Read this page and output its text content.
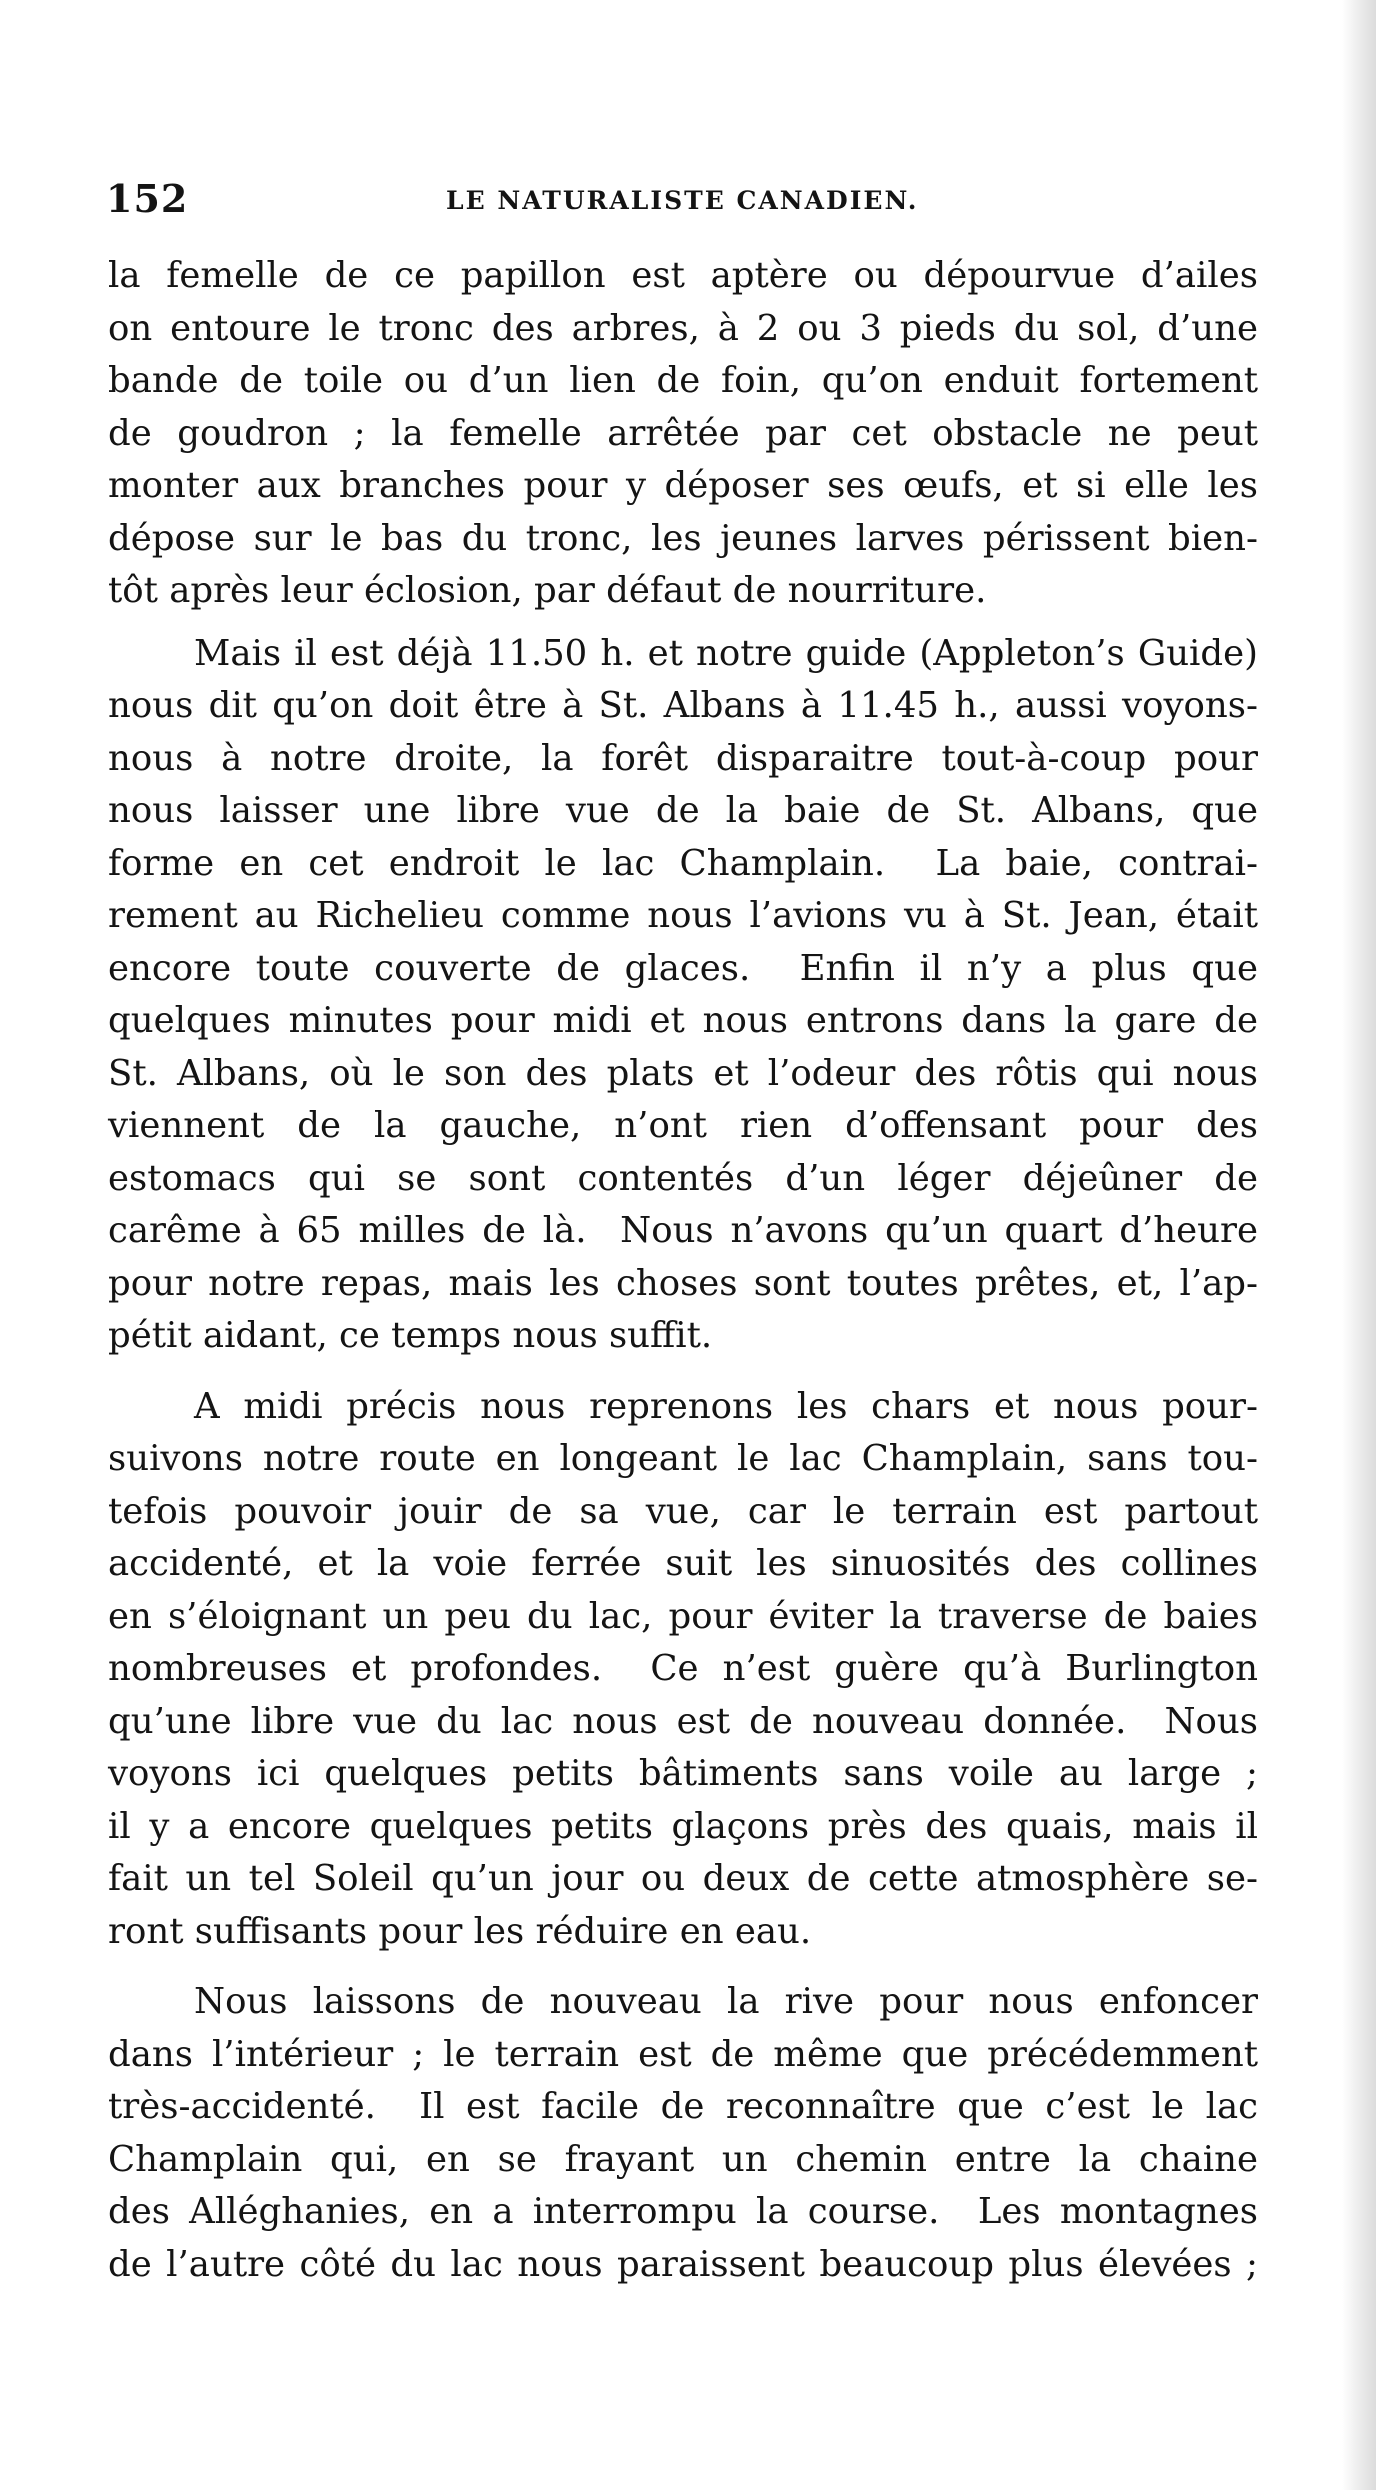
152	LE NATURALISTE CANADIEN.
la femelle de ce papillon est aptère ou dépourvue d’ailes
on entoure le tronc des arbres, à 2 ou 3 pieds du sol, d’une
bande de toile ou d’un lien de foin, qu’on enduit fortement
de goudron ; la femelle arrêtée par cet obstacle ne peut
monter aux branches pour y déposer ses œufs, et si elle les
dépose sur le bas du tronc, les jeunes larves périssent bien-
tôt après leur éclosion, par défaut de nourriture.
Mais il est déjà 11.50 h. et notre guide (Appleton’s Guide)
nous dit qu’on doit être à St. Albans à 11.45 h., aussi voyons-
nous à notre droite, la forêt disparaitre tout-à-coup pour
nous laisser une libre vue de la baie de St. Albans, que
forme en cet endroit le lac Champlain.  La baie, contrai-
rement au Richelieu comme nous l’avions vu à St. Jean, était
encore toute couverte de glaces.  Enfin il n’y a plus que
quelques minutes pour midi et nous entrons dans la gare de
St. Albans, où le son des plats et l’odeur des rôtis qui nous
viennent de la gauche, n’ont rien d’offensant pour des
estomacs qui se sont contentés d’un léger déjeûner de
carême à 65 milles de là.  Nous n’avons qu’un quart d’heure
pour notre repas, mais les choses sont toutes prêtes, et, l’ap-
pétit aidant, ce temps nous suffit.
A midi précis nous reprenons les chars et nous pour-
suivons notre route en longeant le lac Champlain, sans tou-
tefois pouvoir jouir de sa vue, car le terrain est partout
accidenté, et la voie ferrée suit les sinuosités des collines
en s’éloignant un peu du lac, pour éviter la traverse de baies
nombreuses et profondes.  Ce n’est guère qu’à Burlington
qu’une libre vue du lac nous est de nouveau donnée.  Nous
voyons ici quelques petits bâtiments sans voile au large ;
il y a encore quelques petits glaçons près des quais, mais il
fait un tel Soleil qu’un jour ou deux de cette atmosphère se-
ront suffisants pour les réduire en eau.
Nous laissons de nouveau la rive pour nous enfoncer
dans l’intérieur ; le terrain est de même que précédemment
très-accidenté.  Il est facile de reconnaître que c’est le lac
Champlain qui, en se frayant un chemin entre la chaine
des Alléghanies, en a interrompu la course.  Les montagnes
de l’autre côté du lac nous paraissent beaucoup plus élevées ;
